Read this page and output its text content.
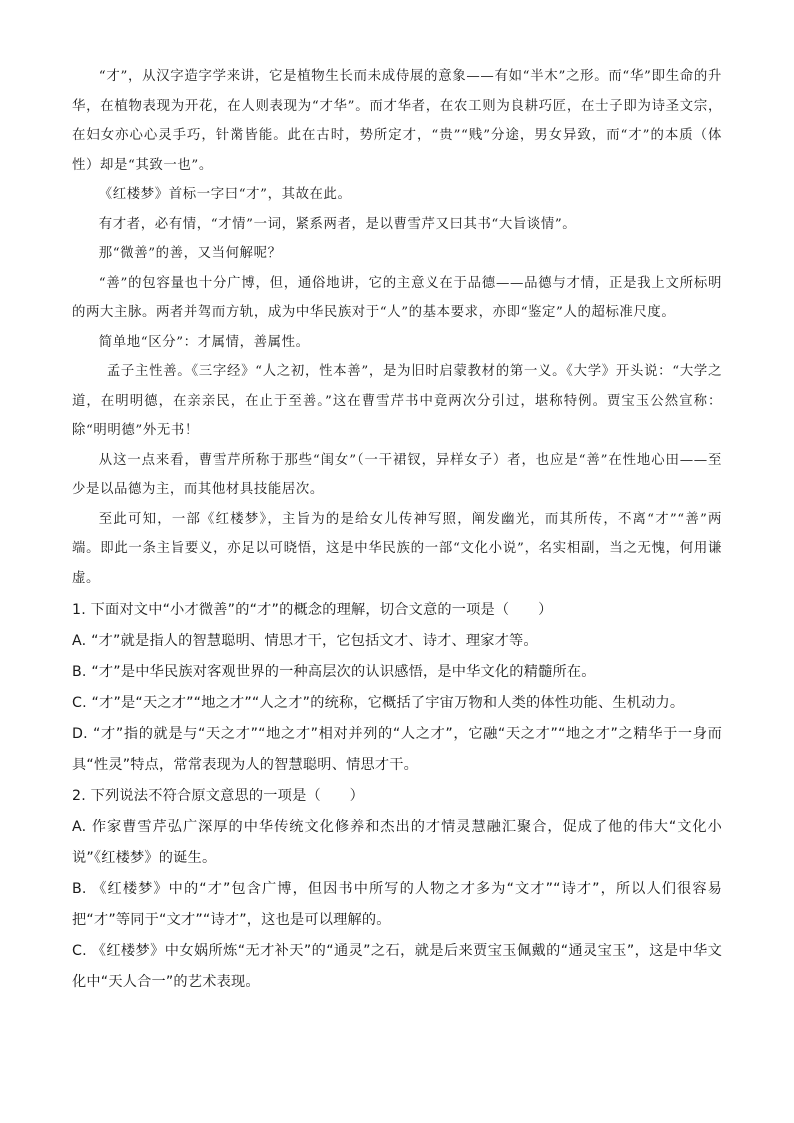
“才”，从汉字造字学来讲，它是植物生长而未成侍展的意象——有如“半木”之形。而“华”即生命的升华，在植物表现为开花，在人则表现为“才华”。而才华者，在农工则为良耕巧匠，在士子即为诗圣文宗，在妇女亦心心灵手巧，针黹皆能。此在古时，势所定才，“贵”“贱”分途，男女异致，而“才”的本质（体性）却是“其致一也”。

《红楼梦》首标一字曰“才”，其故在此。

有才者，必有情，“才情”一词，紧系两者，是以曹雪芹又曰其书“大旨谈情”。

那“微善”的善，又当何解呢？

“善”的包容量也十分广博，但，通俗地讲，它的主意义在于品德——品德与才情，正是我上文所标明的两大主脉。两者并驾而方轨，成为中华民族对于“人”的基本要求，亦即“鉴定”人的超标准尺度。

简单地“区分”：才属情，善属性。

孟子主性善。《三字经》“人之初，性本善”，是为旧时启蒙教材的第一义。《大学》开头说：“大学之道，在明明德，在亲亲民，在止于至善。”这在曹雪芹书中竟两次分引过，堪称特例。贾宝玉公然宣称：除“明明德”外无书！

从这一点来看，曹雪芹所称于那些“闺女”（一干裙钗，异样女子）者，也应是“善”在性地心田——至少是以品德为主，而其他材具技能居次。

至此可知，一部《红楼梦》，主旨为的是给女儿传神写照，阐发幽光，而其所传，不离“才”“善”两端。即此一条主旨要义，亦足以可晓悟，这是中华民族的一部“文化小说”，名实相副，当之无愧，何用谦虚。

1. 下面对文中“小才微善”的“才”的概念的理解，切合文意的一项是（　　）

A. “才”就是指人的智慧聪明、情思才干，它包括文才、诗才、理家才等。

B. “才”是中华民族对客观世界的一种高层次的认识感悟，是中华文化的精髓所在。

C. “才”是“天之才”“地之才”“人之才”的统称，它概括了宇宙万物和人类的体性功能、生机动力。

D. “才”指的就是与“天之才”“地之才”相对并列的“人之才”，它融“天之才”“地之才”之精华于一身而具“性灵”特点，常常表现为人的智慧聪明、情思才干。

2. 下列说法不符合原文意思的一项是（　　）

A. 作家曹雪芹弘广深厚的中华传统文化修养和杰出的才情灵慧融汇聚合，促成了他的伟大“文化小说”《红楼梦》的诞生。

B. 《红楼梦》中的“才”包含广博，但因书中所写的人物之才多为“文才”“诗才”，所以人们很容易把“才”等同于“文才”“诗才”，这也是可以理解的。

C. 《红楼梦》中女娲所炼“无才补天”的“通灵”之石，就是后来贾宝玉佩戴的“通灵宝玉”，这是中华文化中“天人合一”的艺术表现。
